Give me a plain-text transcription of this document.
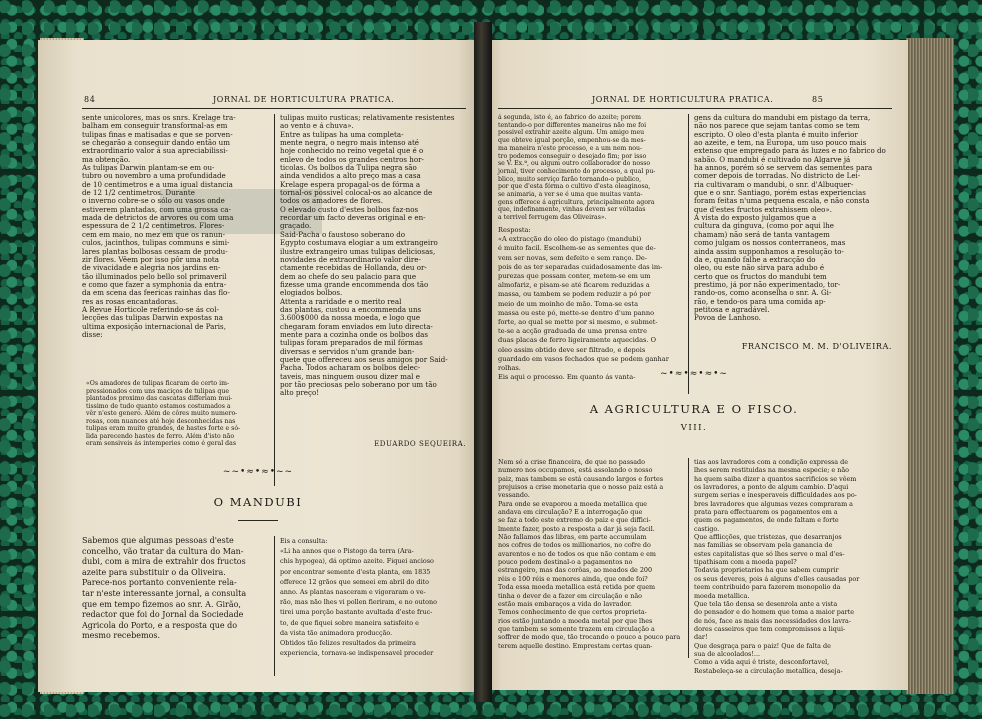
84	JORNAL DE HORTICULTURA PRATICA.

sente unicolores, mas os snrs. Krelage tra-

balham em conseguir transformal-as em

tulipas finas e matisadas e que se porven-

se chegarão a conseguir dando então um

extraordinario valor á sua apreciabilissi-

ma obtenção.

As tulipas Darwin plantam-se em ou-

tubro ou novembro a uma profundidade

de 10 centimetros e a uma igual distancia

de 12 1/2 centimetros. Durante

o inverno cobre-se o sólo ou vasos onde

estiverem plantadas, com uma grossa ca-

mada de detrictos de arvores ou com uma

espessura de 2 1/2 centimetros. Flores-

cem em maio, no mez em que os ranun-

culos, jacinthos, tulipas communs e simi-

lares plantas bolbosas cessam de produ-

zir flores. Vêem por isso pôr uma nota

de vivacidade e alegria nos jardins en-

tão illuminados pelo bello sol primaveril

e como que fazer a symphonia da entra-

da em scena das feericas rainhas das flo-

res as rosas encantadoras.

A Revue Horticole referindo-se ás col-

lecções das tulipas Darwin expostas na

ultima exposição internacional de Paris,

disse:

«Os amadores de tulipas ficaram de certo im-

pressionados com uns maciços de tulipas que

plantados proximo das cascatas differiam mui-

tissimo de tudo quanto estamos costumados a

vêr n'este genero. Além de côres muito numero-

rosas, com nuances até hoje desconhecidas nas

tulipas eram muito grandes, de hastes forte e só-

lida parecendo hastes de ferro. Além d'isto não

eram sensiveis ás intemperies como é geral das

tulipas muito rusticas; relativamente resistentes

ao vento e á chuva».

Entre as tulipas ha uma completa-

mente negra, o negro mais intenso até

hoje conhecido no reino vegetal que é o

enlevo de todos os grandes centros hor-

ticolas. Os bolbos da Tulipa negra são

ainda vendidos a alto preço mas a casa

Krelage espera propagal-os de fórma a

tornal-os possivel colocal-os ao alcance de

todos os amadores de flores.

O elevado custo d'estes bolbos faz-nos

recordar um facto deveras original e en-

graçado.

Said-Pacha o faustoso soberano do

Egypto costumava elogiar a um extrangeiro

ilustre extrangeiro umas tulipas deliciosas,

novidades de extraordinario valor dire-

ctamente recebidas de Hollanda, deu or-

dem ao chefe do seu palacio para que

fizesse uma grande encommenda dos tão

elogiados bolbos.

Attenta a raridade e o merito real

das plantas, custou a encommenda uns

3.600$000 da nossa moeda, e logo que

chegaram foram enviados em luto directa-

mente para a cozinha onde os bolbos das

tulipas foram preparados de mil fórmas

diversas e servidos n'um grande ban-

quete que offereceu aos seus amigos por Said-

Pacha. Todos acharam os bolbos delec-

taveis, mas ninguem ousou dizer mal e

por tão preciosas pelo soberano por um tão

alto preço!

EDUARDO SEQUEIRA.
~~•≈•≈•~~
O MANDUBI

Sabemos que algumas pessoas d'este

concelho, vão tratar da cultura do Man-

dubi, com a mira de extrahir dos fructos

azeite para substituir o da Oliveira.

Parece-nos portanto conveniente rela-

tar n'este interessante jornal, a consulta

que em tempo fizemos ao snr. A. Girão,

redactor que foi do Jornal da Sociedade

Agricola do Porto, e a resposta que do

mesmo recebemos.

Eis a consulta:

«Li ha annos que o Pistogo da terra (Ara-

chis hypogea), dá optimo azeite. Fiquei ancioso

por encontrar semente d'esta planta, em 1835

offerece 12 grãos que semeei em abril do dito

anno. As plantas nasceram e vigoraram o ve-

rão, mas não lhes vi pollen fieriram, e no outono

tirei uma porção bastante avultada d'este fruc-

to, de que fiquei sobre maneira satisfeito e

da vista tão animadora producção.

Obtidos tão felizes resultados da primeira

experiencia, tornava-se indispensavel proceder

JORNAL DE HORTICULTURA PRATICA.	85

á segunda, isto é, ao fabrico do azeite; porem

tentando-o por differentes maneiras não me foi

possivel extrahir azeite algum. Um amigo meu

que obteve igual porção, empenhou-se da mes-

ma maneira n'este processo, e a um nem nou-

tro podemos conseguir o desejado fim; por isso

se V. Ex.ª, ou algum outro collaborador do nosso

jornal, tiver conhecimento do processo, a qual pu-

blico, muito serviço farão tornando-o publico,

por que d'esta fórma o cultivo d'esta oleaginosa,

se animaria, a ver se é uma que muitas vanta-

gens offerece á agricultura, principalmente agora

que, indefinamente, vinhas devem ser vóltadas

a terrivel ferrugem das Oliveiras».

Resposta:

«A extracção do oleo do pistago (mandubi)

é muito facil. Escolhem-se as sementes que de-

vem ser novas, sem defeito e sem ranço. De-

pois de as ter separadas cuidadosamente das im-

purezas que possam conter, metem-se em um

almofariz, e pisam-se até ficarem reduzidas a

massa, ou tambem se podem reduzir a pó por

meio de um moinho de mão. Toma-se esta

massa ou este pó, mette-se dentro d'um panno

forte, ao qual se mette por si mesmo, e submet-

te-se a acção graduada de uma prensa entre

duas placas de ferro ligeiramente aquecidas. O

oleo assim obtido deve ser filtrado, e depois

guardado em vasos fechados que se podem ganhar

rolhas.

Eis aqui o processo. Em quanto ás vanta-

gens da cultura do mandubi em pistago da terra,

não nos parece que sejam tantas como se tem

escripto. O oleo d'esta planta é muito inferior

ao azeite, e tem, na Europa, um uso pouco mais

extenso que empregado para ás luzes e no fabrico do

sabão. O mandubi é cultivado no Algarve já

ha annos, porém só se servem das sementes para

comer depois de torradas. No districto de Lei-

ria cultivaram o mandubi, o snr. d'Albuquer-

que e o snr. Santiago, porém estas experiencias

foram feitas n'uma pequena escala, e não consta

que d'estes fructos extrahissem oleo».

A vista do exposto julgamos que a

cultura da ginguva, (como por aqui lhe

chamam) não será de tanta vantagem

como julgam os nossos conterraneos, mas

ainda assim supponhamos a resolução to-

da e, quando falhe a extracção do

oleo, ou este não sirva para adubo é

certo que os fructos do mandubi tem

prestimo, já por não experimentado, tor-

rando-os, como aconselha o snr. A. Gi-

rão, e tendo-os para uma comida ap-

petitosa e agradável.

Povoa de Lanhoso.

FRANCISCO M. M. D'OLIVEIRA.
~•≈•≈•≈•~
A AGRICULTURA E O FISCO.
VIII.

Nem só a crise financeira, de que no passado

numero nos occupamos, está assolando o nosso

paiz, mas tambem se está causando largos e fortes

prejuisos a crise monetaria que o nosso paiz está a

vessando.

Para onde se evaporou a moeda metallica que

andava em circulação? E a interrogação que

se faz a todo este extremo do paiz e que diffici-

lmente fazer, posto a resposta a dar já seja facil.

Não fallamos das libras, em parte accumulam

nos cofres de todos os millionarios, no cofre do

avarentos e no de todos os que não contam e em

pouco podem destinal-o a pagamentos no

estrangeiro, mas das corôas, ao meados de 200

réis e 100 réis e menores ainda, que onde foi?

Toda essa moeda metallica está retida por quem

tinha o dever de a fazer em circulação e não

estão mais embaraços a vida do lavrador.

Temos conhecimento de que certos proprieta-

rios estão juntando a moeda metal por que lhes

que tambem se somente trazem em circulação a

soffrer de modo que, tão trocando o pouco a pouco para

terem aquelle destino. Emprestam certas quan-

tias aos lavradores com a condição expressa de

lhes serem restituidas na mesma especie; e não

ha quem saiba dizer a quantos sacrificios se vêem

os lavradores, a ponto de algum cambio. D'aqui

surgem serias e inesperaveis difficuldades aos po-

bres lavradores que algumas vezes compraram a

prata para effectuarem os pagamentos em a

quem os pagamentos, de onde faltam e forte

castigo.

Que afflicções, que tristezas, que desarranjos

nas familias se observam pela ganancia de

estes capitalistas que só lhes serve o mal d'es-

tipathisam com a moeda papel?

Todavia proprietarios ha que sabem cumprir

os seus deveres, pois á alguns d'elles causadas por

teem contribuido para fazerem monopolio da

moeda metallica.

Que tela tão densa se desenrola ante a vista

do pensador e do homem que toma a maior parte

de nós, face as mais das necessidades dos lavra-

dores casseiros que tem compromissos a liqui-

dar!

Que desgraça para o paiz! Que de falta de

sua de alcoolados!...

Como a vida aqui é triste, desconfortavel,

Restabeleça-se a circulação metallica, deseja-
